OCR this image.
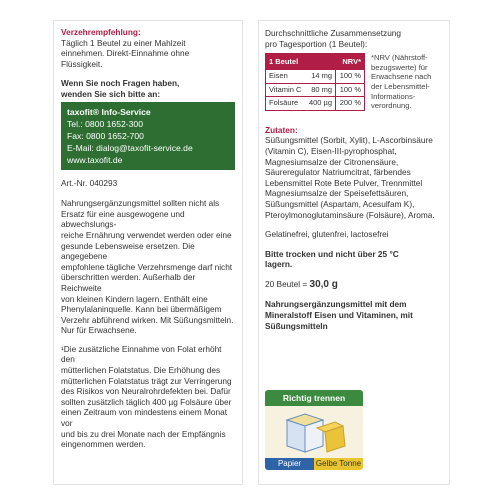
Verzehrempfehlung:

Täglich 1 Beutel zu einer Mahlzeit

einnehmen. Direkt-Einnahme ohne

Flüssigkeit.

Wenn Sie noch Fragen haben,

wenden Sie sich bitte an:

taxofit® Info-Service

Tel.: 0800 1652-300

Fax: 0800 1652-700

E-Mail: dialog@taxofit-service.de

www.taxofit.de

Art.-Nr. 040293

Nahrungsergänzungsmittel sollten nicht als

Ersatz für eine ausgewogene und abwechslungs-

reiche Ernährung verwendet werden oder eine

gesunde Lebensweise ersetzen. Die angegebene

empfohlene tägliche Verzehrsmenge darf nicht

überschritten werden. Außerhalb der Reichweite

von kleinen Kindern lagern. Enthält eine

Phenylalaninquelle. Kann bei übermäßigem

Verzehr abführend wirken. Mit Süßungsmitteln.

Nur für Erwachsene.

¹Die zusätzliche Einnahme von Folat erhöht den

mütterlichen Folatstatus. Die Erhöhung des

mütterlichen Folatstatus trägt zur Verringerung

des Risikos von Neuralrohrdefekten bei. Dafür

sollten zusätzlich täglich 400 µg Folsäure über

einen Zeitraum von mindestens einem Monat vor

und bis zu drei Monate nach der Empfängnis

eingenommen werden.

Durchschnittliche Zusammensetzung

pro Tagesportion (1 Beutel):

1 Beutel		NRV*
Eisen	14 mg	100 %
Vitamin C	80 mg	100 %
Folsäure	400 µg	200 %

*NRV (Nährstoff-

bezugswerte) für

Erwachsene nach

der Lebensmittel-

Informations-

verordnung.

Zutaten:

Süßungsmittel (Sorbit, Xylit), L-Ascorbinsäure

(Vitamin C), Eisen-III-pyrophosphat,

Magnesiumsalze der Citronensäure,

Säureregulator Natriumcitrat, färbendes

Lebensmittel Rote Bete Pulver, Trennmittel

Magnesiumsalze der Speisefettsäuren,

Süßungsmittel (Aspartam, Acesulfam K),

Pteroylmonoglutaminsäure (Folsäure), Aroma.

Gelatinefrei, glutenfrei, lactosefrei

Bitte trocken und nicht über 25 °C

lagern.

20 Beutel = 30,0 g

Nahrungsergänzungsmittel mit dem

Mineralstoff Eisen und Vitaminen, mit

Süßungsmitteln

Richtig trennen
Papier	Gelbe Tonne
